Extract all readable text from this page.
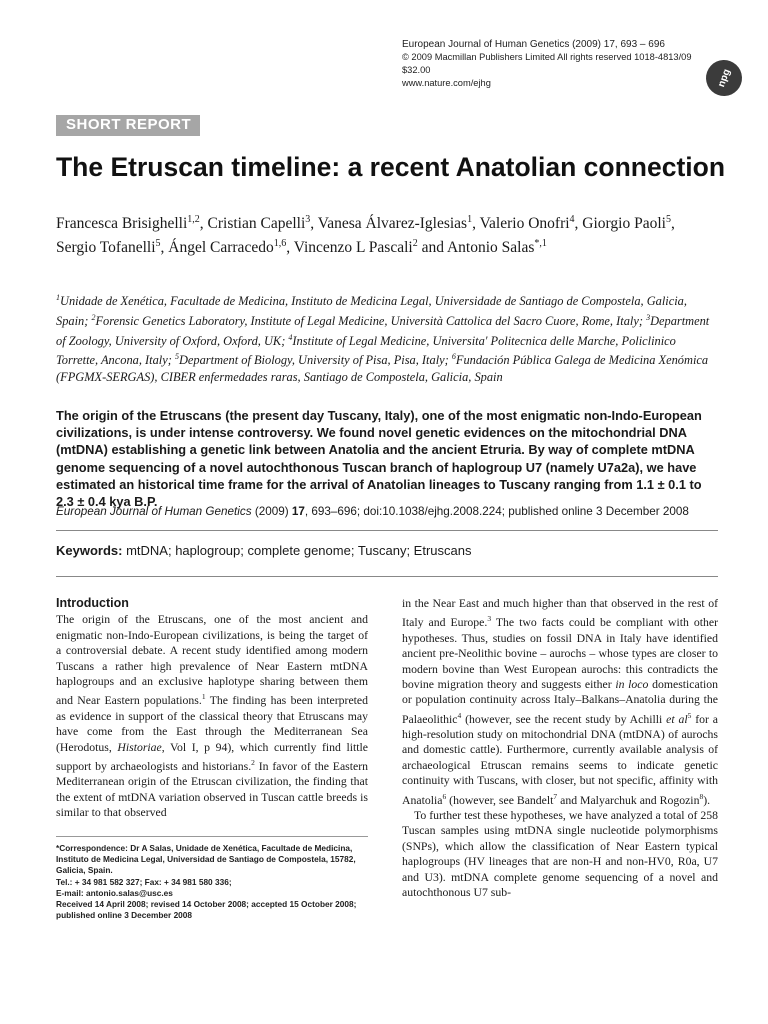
European Journal of Human Genetics (2009) 17, 693 – 696
© 2009 Macmillan Publishers Limited All rights reserved 1018-4813/09 $32.00
www.nature.com/ejhg	npg
SHORT REPORT
The Etruscan timeline: a recent Anatolian connection
Francesca Brisighelli$^{1,2}$, Cristian Capelli$^3$, Vanesa Álvarez-Iglesias$^1$, Valerio Onofri$^4$, Giorgio Paoli$^5$, Sergio Tofanelli$^5$, Ángel Carracedo$^{1,6}$, Vincenzo L Pascali$^2$ and Antonio Salas$^{*,1}$
$^1$Unidade de Xenética, Facultade de Medicina, Instituto de Medicina Legal, Universidade de Santiago de Compostela, Galicia, Spain; $^2$Forensic Genetics Laboratory, Institute of Legal Medicine, Università Cattolica del Sacro Cuore, Rome, Italy; $^3$Department of Zoology, University of Oxford, Oxford, UK; $^4$Institute of Legal Medicine, Universita' Politecnica delle Marche, Policlinico Torrette, Ancona, Italy; $^5$Department of Biology, University of Pisa, Pisa, Italy; $^6$Fundación Pública Galega de Medicina Xenómica (FPGMX-SERGAS), CIBER enfermedades raras, Santiago de Compostela, Galicia, Spain
The origin of the Etruscans (the present day Tuscany, Italy), one of the most enigmatic non-Indo-European civilizations, is under intense controversy. We found novel genetic evidences on the mitochondrial DNA (mtDNA) establishing a genetic link between Anatolia and the ancient Etruria. By way of complete mtDNA genome sequencing of a novel autochthonous Tuscan branch of haplogroup U7 (namely U7a2a), we have estimated an historical time frame for the arrival of Anatolian lineages to Tuscany ranging from 1.1 ± 0.1 to 2.3 ± 0.4 kya B.P.
European Journal of Human Genetics (2009) 17, 693–696; doi:10.1038/ejhg.2008.224; published online 3 December 2008
Keywords: mtDNA; haplogroup; complete genome; Tuscany; Etruscans
Introduction

The origin of the Etruscans, one of the most ancient and enigmatic non-Indo-European civilizations, is being the target of a controversial debate. A recent study identified among modern Tuscans a rather high prevalence of Near Eastern mtDNA haplogroups and an exclusive haplotype sharing between them and Near Eastern populations.$^1$ The finding has been interpreted as evidence in support of the classical theory that Etruscans may have come from the East through the Mediterranean Sea (Herodotus, Historiae, Vol I, p 94), which currently find little support by archaeologists and historians.$^2$ In favor of the Eastern Mediterranean origin of the Etruscan civilization, the finding that the extent of mtDNA variation observed in Tuscan cattle breeds is similar to that observed

*Correspondence: Dr A Salas, Unidade de Xenética, Facultade de Medicina, Instituto de Medicina Legal, Universidad de Santiago de Compostela, 15782, Galicia, Spain.

Tel.: + 34 981 582 327; Fax: + 34 981 580 336;

E-mail: antonio.salas@usc.es

Received 14 April 2008; revised 14 October 2008; accepted 15 October 2008; published online 3 December 2008

in the Near East and much higher than that observed in the rest of Italy and Europe.$^3$ The two facts could be compliant with other hypotheses. Thus, studies on fossil DNA in Italy have identified ancient pre-Neolithic bovine – aurochs – whose types are closer to modern bovine than West European aurochs: this contradicts the bovine migration theory and suggests either in loco domestication or population continuity across Italy–Balkans–Anatolia during the Palaeolithic$^4$ (however, see the recent study by Achilli et $al^5$ for a high-resolution study on mitochondrial DNA (mtDNA) of aurochs and domestic cattle). Furthermore, currently available analysis of archaeological Etruscan remains seems to indicate genetic continuity with Tuscans, with closer, but not specific, affinity with Anatolia$^6$ (however, see Bandelt$^7$ and Malyarchuk and Rogozin$^8$).

To further test these hypotheses, we have analyzed a total of 258 Tuscan samples using mtDNA single nucleotide polymorphisms (SNPs), which allow the classification of Near Eastern typical haplogroups (HV lineages that are non-H and non-HV0, R0a, U7 and U3). mtDNA complete genome sequencing of a novel and autochthonous U7 sub-
